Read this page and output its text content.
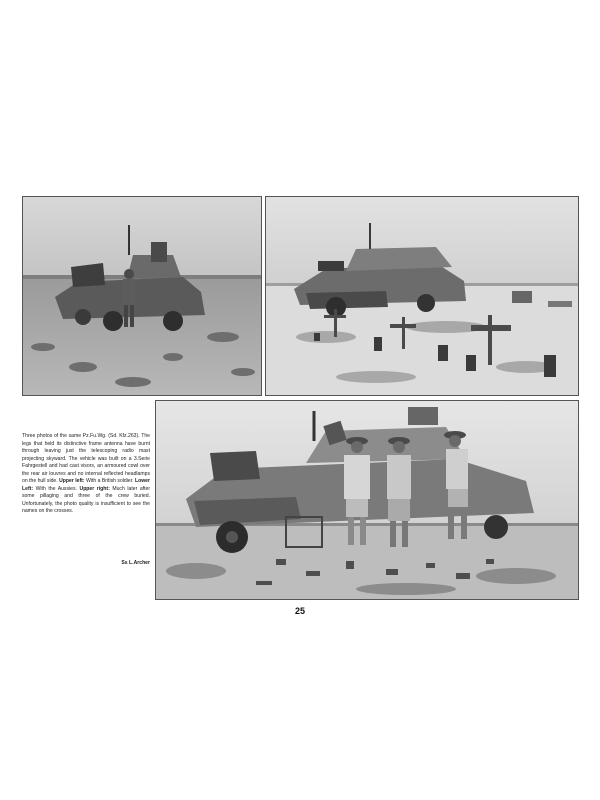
Three photos of the same Pz.Fu.Wg. (Sd. Kfz.263). The legs that held its distinctive frame antenna have burnt through leaving just the telescoping radio mast projecting skyward. The vehicle was built on a 3.Serie Fahrgestell and had cast visors, an armoured cowl over the rear air louvres and no internal reflected headlamps on the hull side. Upper left: With a British soldier. Lower Left: With the Aussies. Upper right: Much later after some pillaging and three of the crew buried. Unfortunately, the photo quality is insufficient to see the names on the crosses.
Ss L.Archer
25
